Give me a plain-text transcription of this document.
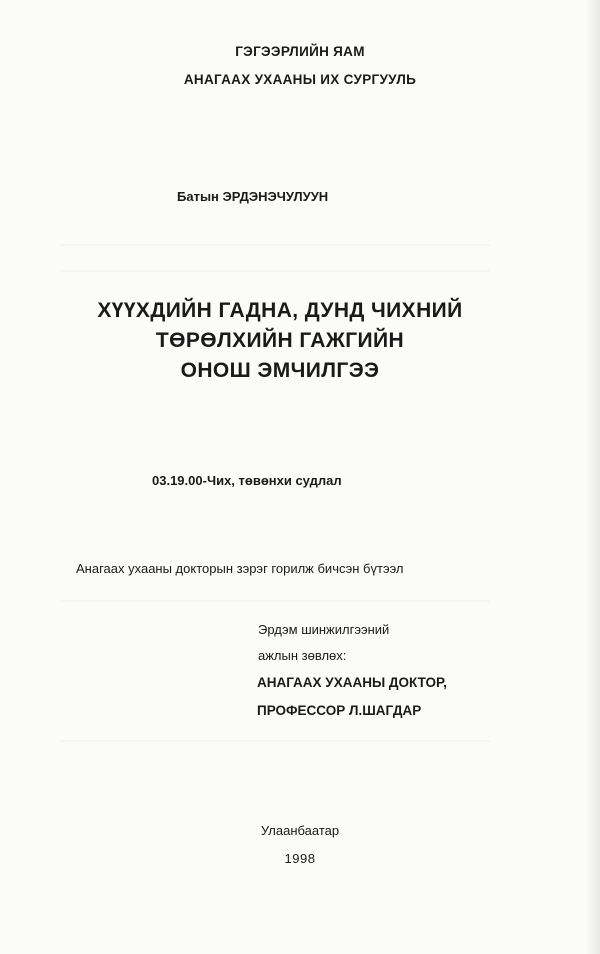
ГЭГЭЭРЛИЙН ЯАМ
АНАГААХ УХААНЫ ИХ СУРГУУЛЬ
Батын ЭРДЭНЭЧУЛУУН
ХҮҮХДИЙН ГАДНА, ДУНД ЧИХНИЙ
ТӨРӨЛХИЙН ГАЖГИЙН
ОНОШ ЭМЧИЛГЭЭ
03.19.00-Чих, төвөнхи судлал
Анагаах ухааны докторын зэрэг горилж бичсэн бүтээл
Эрдэм шинжилгээний
ажлын зөвлөх:
АНАГААХ УХААНЫ ДОКТОР,
ПРОФЕССОР Л.ШАГДАР
Улаанбаатар
1998
